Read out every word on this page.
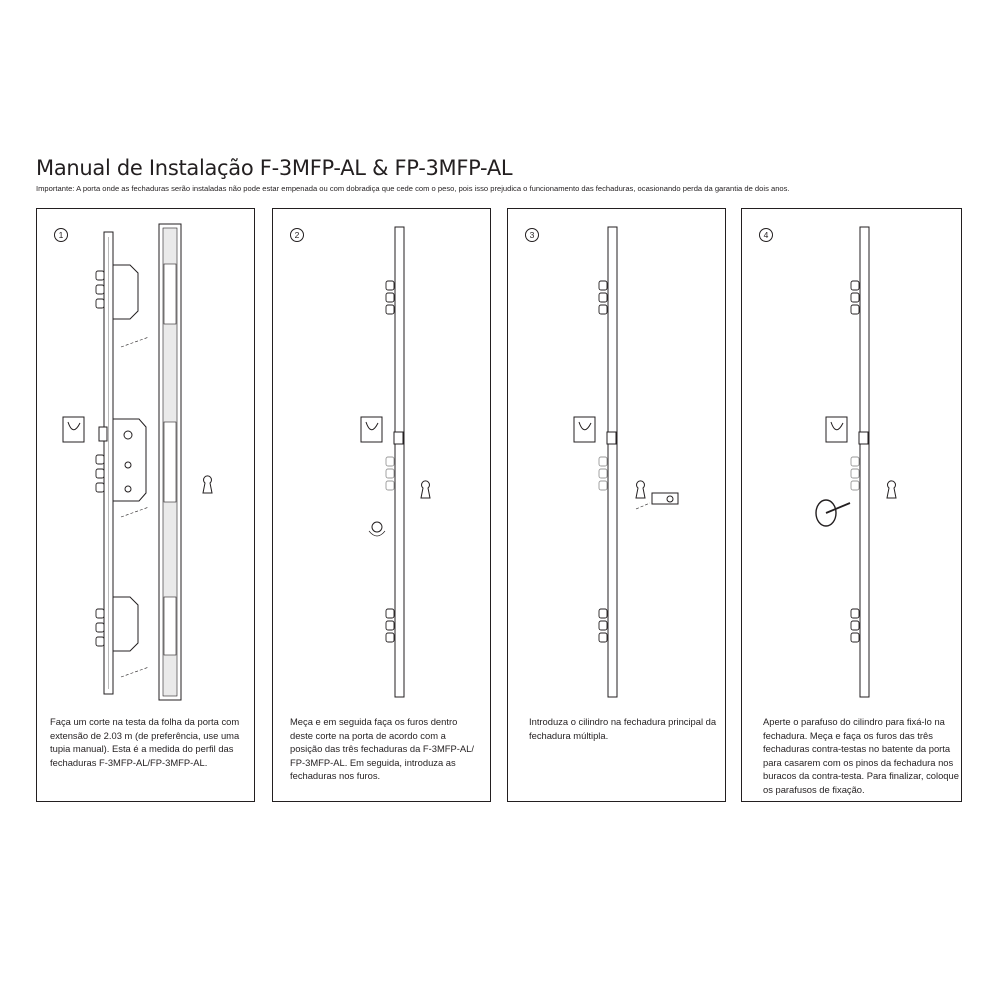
Manual de Instalação F-3MFP-AL & FP-3MFP-AL
Importante: A porta onde as fechaduras serão instaladas não pode estar empenada ou com dobradiça que cede com o peso, pois isso prejudica o funcionamento das fechaduras, ocasionando perda da garantia de dois anos.
1
Faça um corte na testa da folha da porta com extensão de 2.03 m (de preferência, use uma tupia manual). Esta é a medida do perfil das fechaduras F-3MFP-AL/FP-3MFP-AL.
2
Meça e em seguida faça os furos dentro deste corte na porta de acordo com a posição das três fechaduras da F-3MFP-AL/ FP-3MFP-AL. Em seguida, introduza as fechaduras nos furos.
3
Introduza o cilindro na fechadura principal da fechadura múltipla.
4
Aperte o parafuso do cilindro para fixá-lo na fechadura. Meça e faça os furos das três fechaduras contra-testas no batente da porta para casarem com os pinos da fechadura nos buracos da contra-testa. Para finalizar, coloque os parafusos de fixação.
